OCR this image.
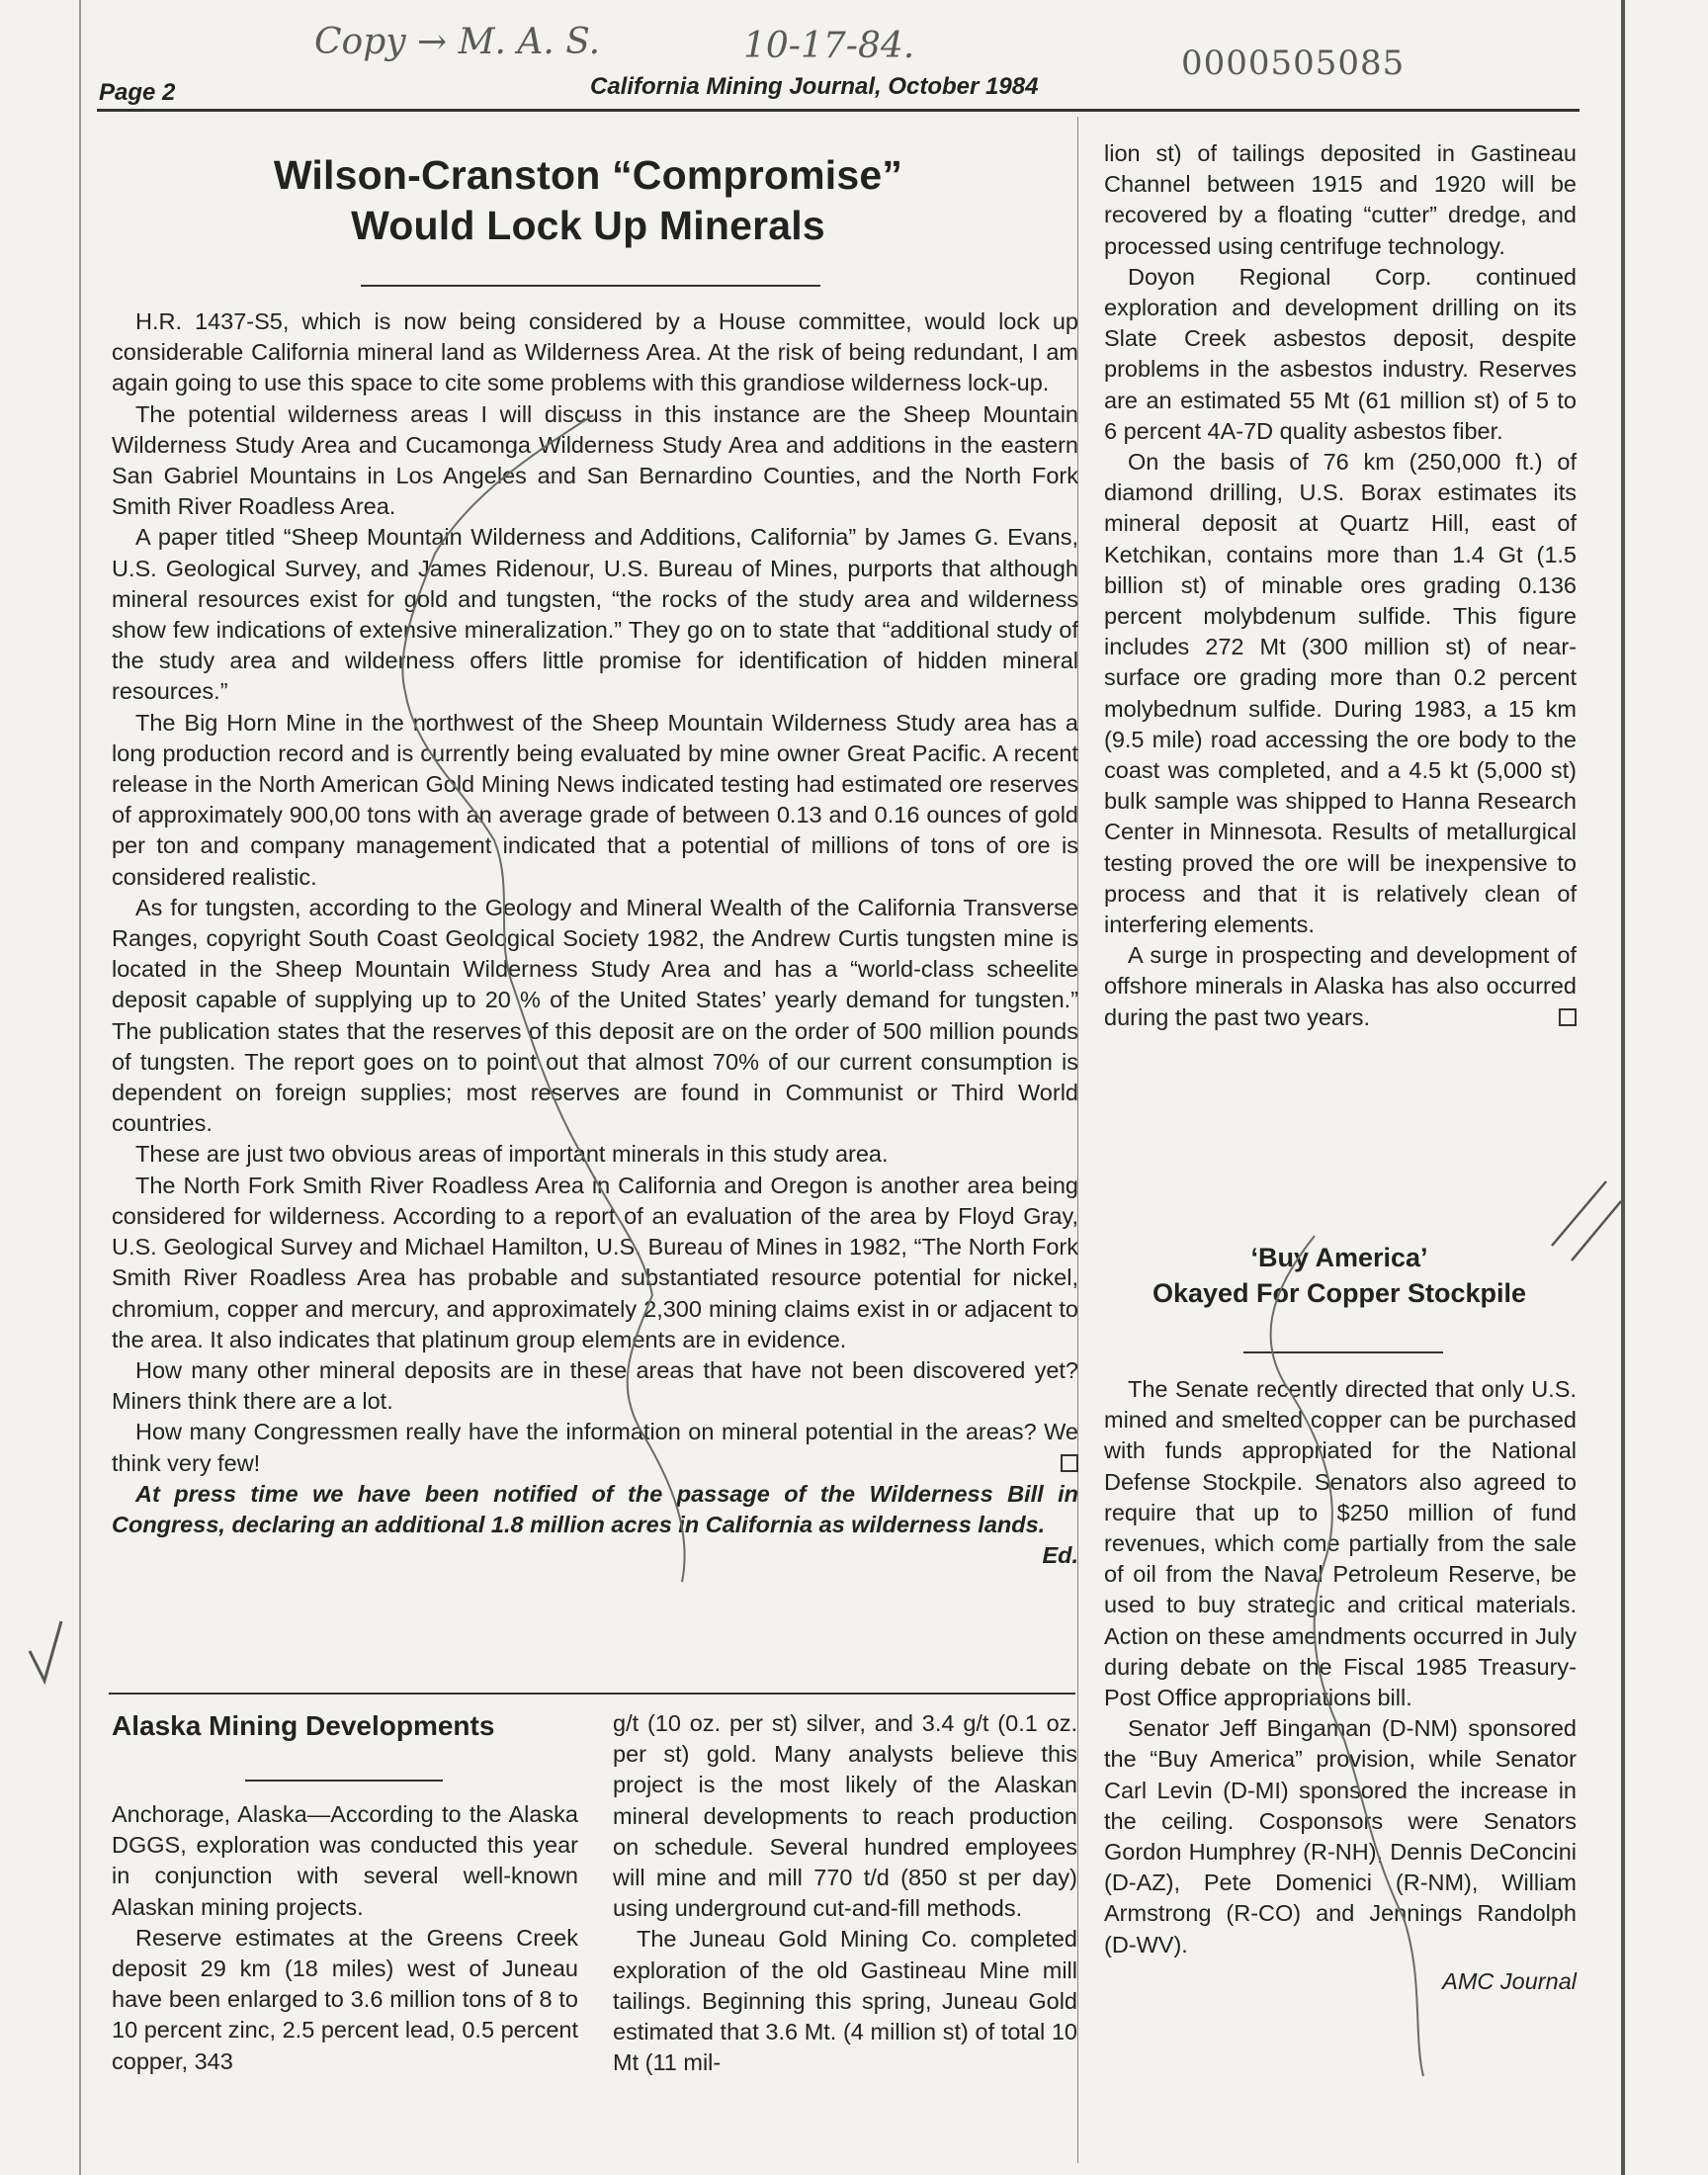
Copy → M. A. S.	10-17-84.	0000505085
Page 2	California Mining Journal, October 1984
Wilson-Cranston “Compromise”
Would Lock Up Minerals

H.R. 1437-S5, which is now being considered by a House committee, would lock up considerable California mineral land as Wilderness Area. At the risk of being redundant, I am again going to use this space to cite some problems with this grandiose wilderness lock-up.

The potential wilderness areas I will discuss in this instance are the Sheep Mountain Wilderness Study Area and Cucamonga Wilderness Study Area and additions in the eastern San Gabriel Mountains in Los Angeles and San Bernardino Counties, and the North Fork Smith River Roadless Area.

A paper titled “Sheep Mountain Wilderness and Additions, California” by James G. Evans, U.S. Geological Survey, and James Ridenour, U.S. Bureau of Mines, purports that although mineral resources exist for gold and tungsten, “the rocks of the study area and wilderness show few indications of extensive mineralization.” They go on to state that “additional study of the study area and wilderness offers little promise for identification of hidden mineral resources.”

The Big Horn Mine in the northwest of the Sheep Mountain Wilderness Study area has a long production record and is currently being evaluated by mine owner Great Pacific. A recent release in the North American Gold Mining News indicated testing had estimated ore reserves of approximately 900,00 tons with an average grade of between 0.13 and 0.16 ounces of gold per ton and company management indicated that a potential of millions of tons of ore is considered realistic.

As for tungsten, according to the Geology and Mineral Wealth of the California Transverse Ranges, copyright South Coast Geological Society 1982, the Andrew Curtis tungsten mine is located in the Sheep Mountain Wilderness Study Area and has a “world-class scheelite deposit capable of supplying up to 20 % of the United States’ yearly demand for tungsten.” The publication states that the reserves of this deposit are on the order of 500 million pounds of tungsten. The report goes on to point out that almost 70% of our current consumption is dependent on foreign supplies; most reserves are found in Communist or Third World countries.

These are just two obvious areas of important minerals in this study area.

The North Fork Smith River Roadless Area in California and Oregon is another area being considered for wilderness. According to a report of an evaluation of the area by Floyd Gray, U.S. Geological Survey and Michael Hamilton, U.S. Bureau of Mines in 1982, “The North Fork Smith River Roadless Area has probable and substantiated resource potential for nickel, chromium, copper and mercury, and approximately 2,300 mining claims exist in or adjacent to the area. It also indicates that platinum group elements are in evidence.

How many other mineral deposits are in these areas that have not been discovered yet? Miners think there are a lot.

How many Congressmen really have the information on mineral potential in the areas? We think very few!

At press time we have been notified of the passage of the Wilderness Bill in Congress, declaring an additional 1.8 million acres in California as wilderness lands.
Ed.

Alaska Mining Developments

Anchorage, Alaska—According to the Alaska DGGS, exploration was conducted this year in conjunction with several well-known Alaskan mining projects.

Reserve estimates at the Greens Creek deposit 29 km (18 miles) west of Juneau have been enlarged to 3.6 million tons of 8 to 10 percent zinc, 2.5 percent lead, 0.5 percent copper, 343

g/t (10 oz. per st) silver, and 3.4 g/t (0.1 oz. per st) gold. Many analysts believe this project is the most likely of the Alaskan mineral developments to reach production on schedule. Several hundred employees will mine and mill 770 t/d (850 st per day) using underground cut-and-fill methods.

The Juneau Gold Mining Co. completed exploration of the old Gastineau Mine mill tailings. Beginning this spring, Juneau Gold estimated that 3.6 Mt. (4 million st) of total 10 Mt (11 mil-

lion st) of tailings deposited in Gastineau Channel between 1915 and 1920 will be recovered by a floating “cutter” dredge, and processed using centrifuge technology.

Doyon Regional Corp. continued exploration and development drilling on its Slate Creek asbestos deposit, despite problems in the asbestos industry. Reserves are an estimated 55 Mt (61 million st) of 5 to 6 percent 4A-7D quality asbestos fiber.

On the basis of 76 km (250,000 ft.) of diamond drilling, U.S. Borax estimates its mineral deposit at Quartz Hill, east of Ketchikan, contains more than 1.4 Gt (1.5 billion st) of minable ores grading 0.136 percent molybdenum sulfide. This figure includes 272 Mt (300 million st) of near-surface ore grading more than 0.2 percent molybednum sulfide. During 1983, a 15 km (9.5 mile) road accessing the ore body to the coast was completed, and a 4.5 kt (5,000 st) bulk sample was shipped to Hanna Research Center in Minnesota. Results of metallurgical testing proved the ore will be inexpensive to process and that it is relatively clean of interfering elements.

A surge in prospecting and development of offshore minerals in Alaska has also occurred during the past two years.

‘Buy America’
Okayed For Copper Stockpile

The Senate recently directed that only U.S. mined and smelted copper can be purchased with funds appropriated for the National Defense Stockpile. Senators also agreed to require that up to $250 million of fund revenues, which come partially from the sale of oil from the Naval Petroleum Reserve, be used to buy strategic and critical materials. Action on these amendments occurred in July during debate on the Fiscal 1985 Treasury-Post Office appropriations bill.

Senator Jeff Bingaman (D-NM) sponsored the “Buy America” provision, while Senator Carl Levin (D-MI) sponsored the increase in the ceiling. Cosponsors were Senators Gordon Humphrey (R-NH), Dennis DeConcini (D-AZ), Pete Domenici (R-NM), William Armstrong (R-CO) and Jennings Randolph (D-WV).

AMC Journal
